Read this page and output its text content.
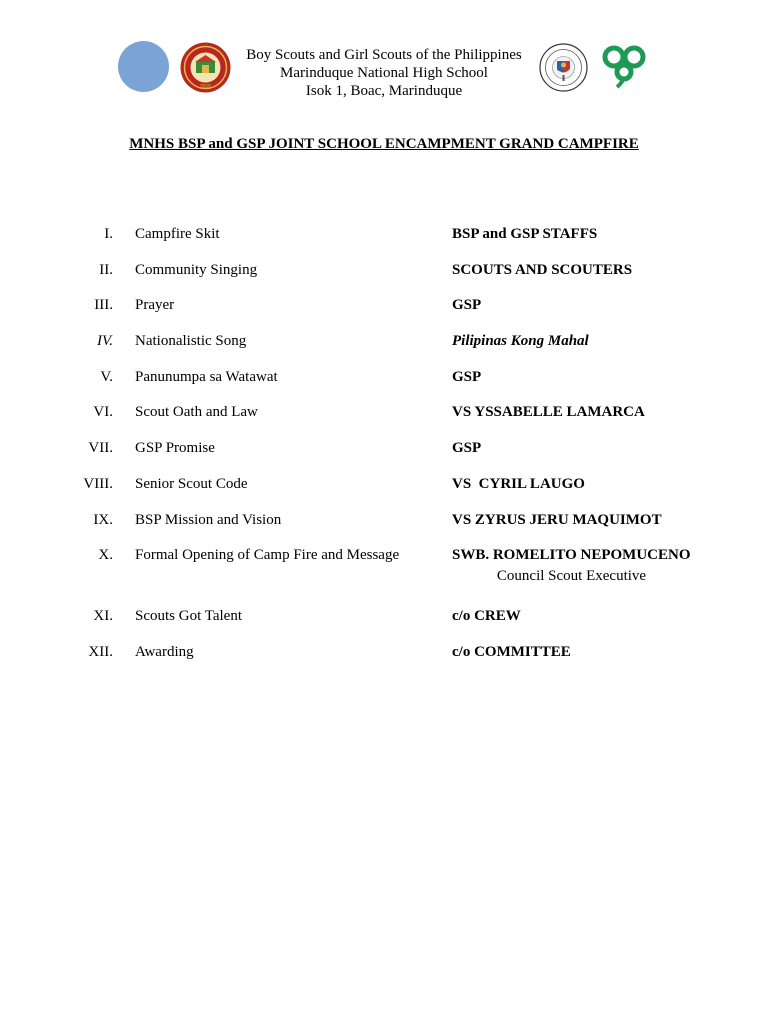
2016
Boy Scouts and Girl Scouts of the Philippines
Marinduque National High School
Isok 1, Boac, Marinduque
MNHS BSP and GSP JOINT SCHOOL ENCAMPMENT GRAND CAMPFIRE
I. Campfire Skit	BSP and GSP STAFFS
II. Community Singing	SCOUTS AND SCOUTERS
III. Prayer	GSP
IV. Nationalistic Song	Pilipinas Kong Mahal
V. Panunumpa sa Watawat	GSP
VI. Scout Oath and Law	VS YSSABELLE LAMARCA
VII. GSP Promise	GSP
VIII. Senior Scout Code	VS  CYRIL LAUGO
IX. BSP Mission and Vision	VS ZYRUS JERU MAQUIMOT
X. Formal Opening of Camp Fire and Message	SWB. ROMELITO NEPOMUCENO
Council Scout Executive
XI. Scouts Got Talent	c/o CREW
XII. Awarding	c/o COMMITTEE
